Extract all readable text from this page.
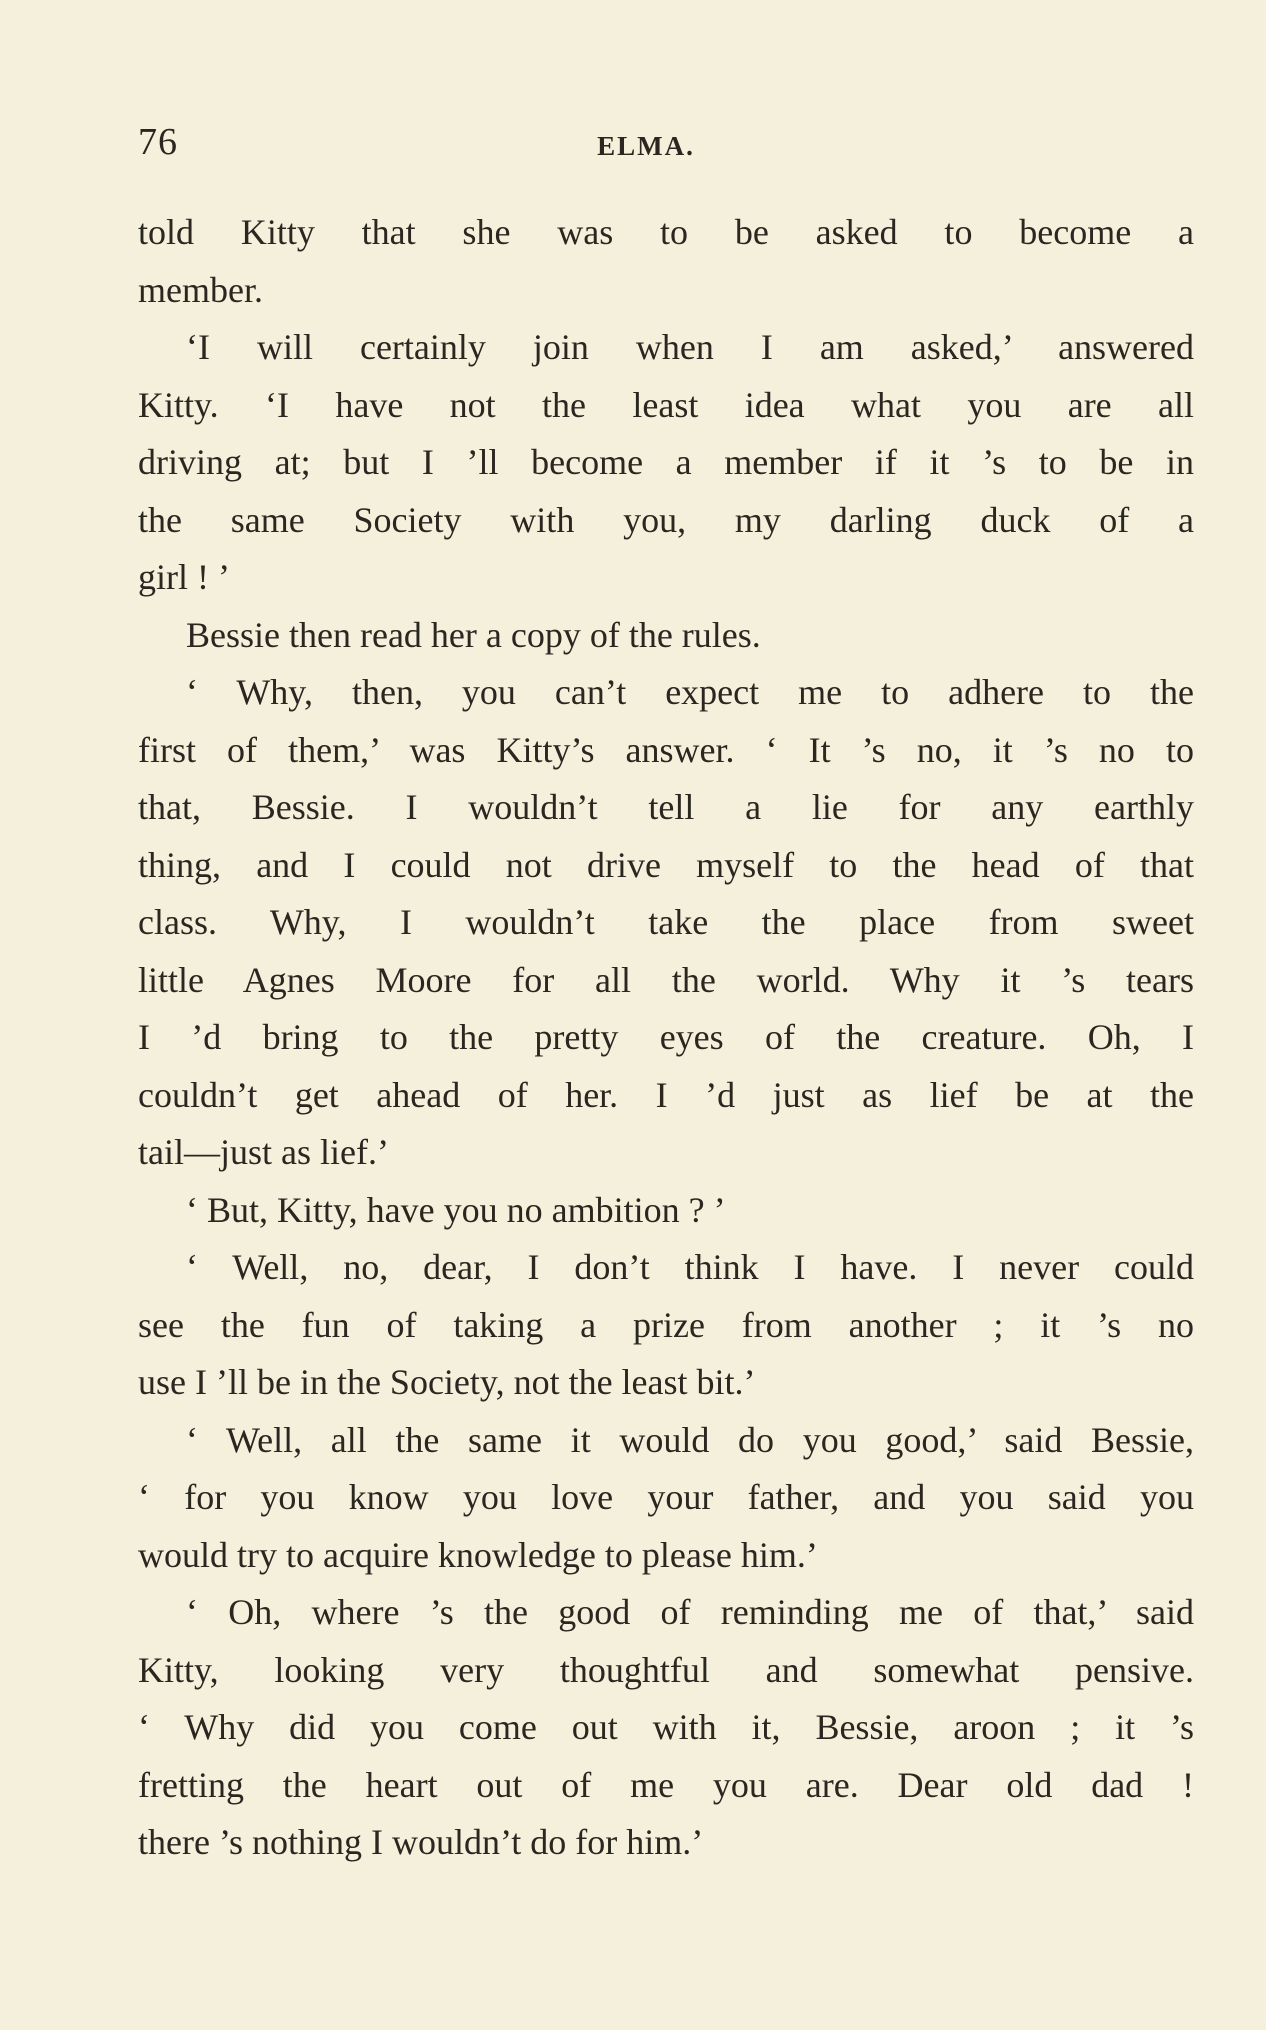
76	ELMA.
told Kitty that she was to be asked to become a
member.
‘I will certainly join when I am asked,’ answered
Kitty. ‘I have not the least idea what you are all
driving at; but I ’ll become a member if it ’s to be in
the same Society with you, my darling duck of a
girl ! ’
Bessie then read her a copy of the rules.
‘ Why, then, you can’t expect me to adhere to the
first of them,’ was Kitty’s answer. ‘ It ’s no, it ’s no to
that, Bessie. I wouldn’t tell a lie for any earthly
thing, and I could not drive myself to the head of that
class. Why, I wouldn’t take the place from sweet
little Agnes Moore for all the world. Why it ’s tears
I ’d bring to the pretty eyes of the creature. Oh, I
couldn’t get ahead of her. I ’d just as lief be at the
tail—just as lief.’
‘ But, Kitty, have you no ambition ? ’
‘ Well, no, dear, I don’t think I have. I never could
see the fun of taking a prize from another ; it ’s no
use I ’ll be in the Society, not the least bit.’
‘ Well, all the same it would do you good,’ said Bessie,
‘ for you know you love your father, and you said you
would try to acquire knowledge to please him.’
‘ Oh, where ’s the good of reminding me of that,’ said
Kitty, looking very thoughtful and somewhat pensive.
‘ Why did you come out with it, Bessie, aroon ; it ’s
fretting the heart out of me you are. Dear old dad !
there ’s nothing I wouldn’t do for him.’
